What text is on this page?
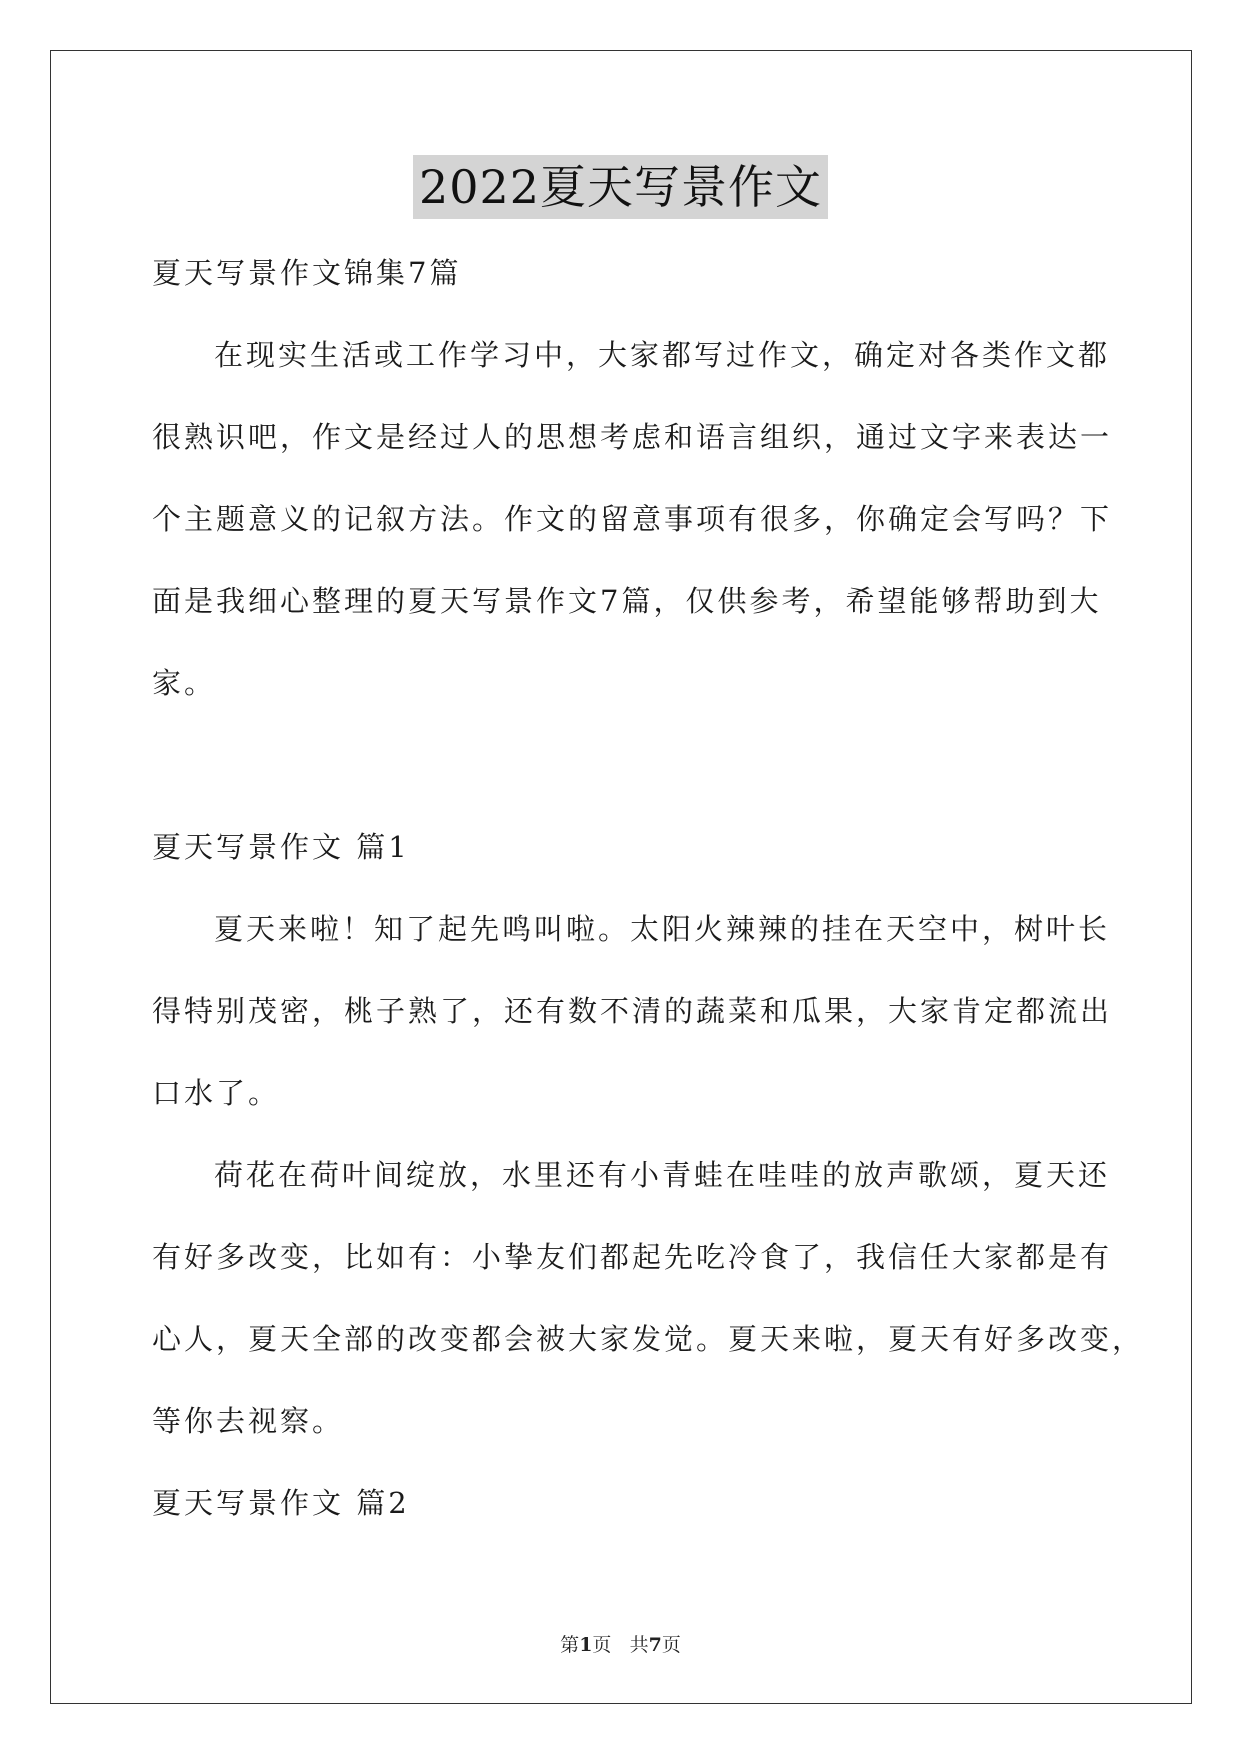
2022夏天写景作文
夏天写景作文锦集7篇
在现实生活或工作学习中，大家都写过作文，确定对各类作文都
很熟识吧，作文是经过人的思想考虑和语言组织，通过文字来表达一
个主题意义的记叙方法。作文的留意事项有很多，你确定会写吗？下
面是我细心整理的夏天写景作文7篇，仅供参考，希望能够帮助到大
家。
夏天写景作文 篇1
夏天来啦！知了起先鸣叫啦。太阳火辣辣的挂在天空中，树叶长
得特别茂密，桃子熟了，还有数不清的蔬菜和瓜果，大家肯定都流出
口水了。
荷花在荷叶间绽放，水里还有小青蛙在哇哇的放声歌颂，夏天还
有好多改变，比如有：小挚友们都起先吃冷食了，我信任大家都是有
心人，夏天全部的改变都会被大家发觉。夏天来啦，夏天有好多改变，
等你去视察。
夏天写景作文 篇2
第1页 共7页
